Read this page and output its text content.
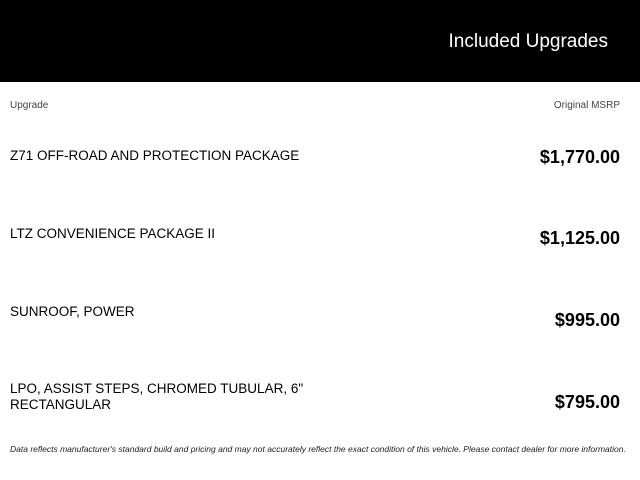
Included Upgrades
Upgrade	Original MSRP
Z71 OFF-ROAD AND PROTECTION PACKAGE	$1,770.00
LTZ CONVENIENCE PACKAGE II	$1,125.00
SUNROOF, POWER	$995.00
LPO, ASSIST STEPS, CHROMED TUBULAR, 6" RECTANGULAR	$795.00
Data reflects manufacturer's standard build and pricing and may not accurately reflect the exact condition of this vehicle. Please contact dealer for more information.
